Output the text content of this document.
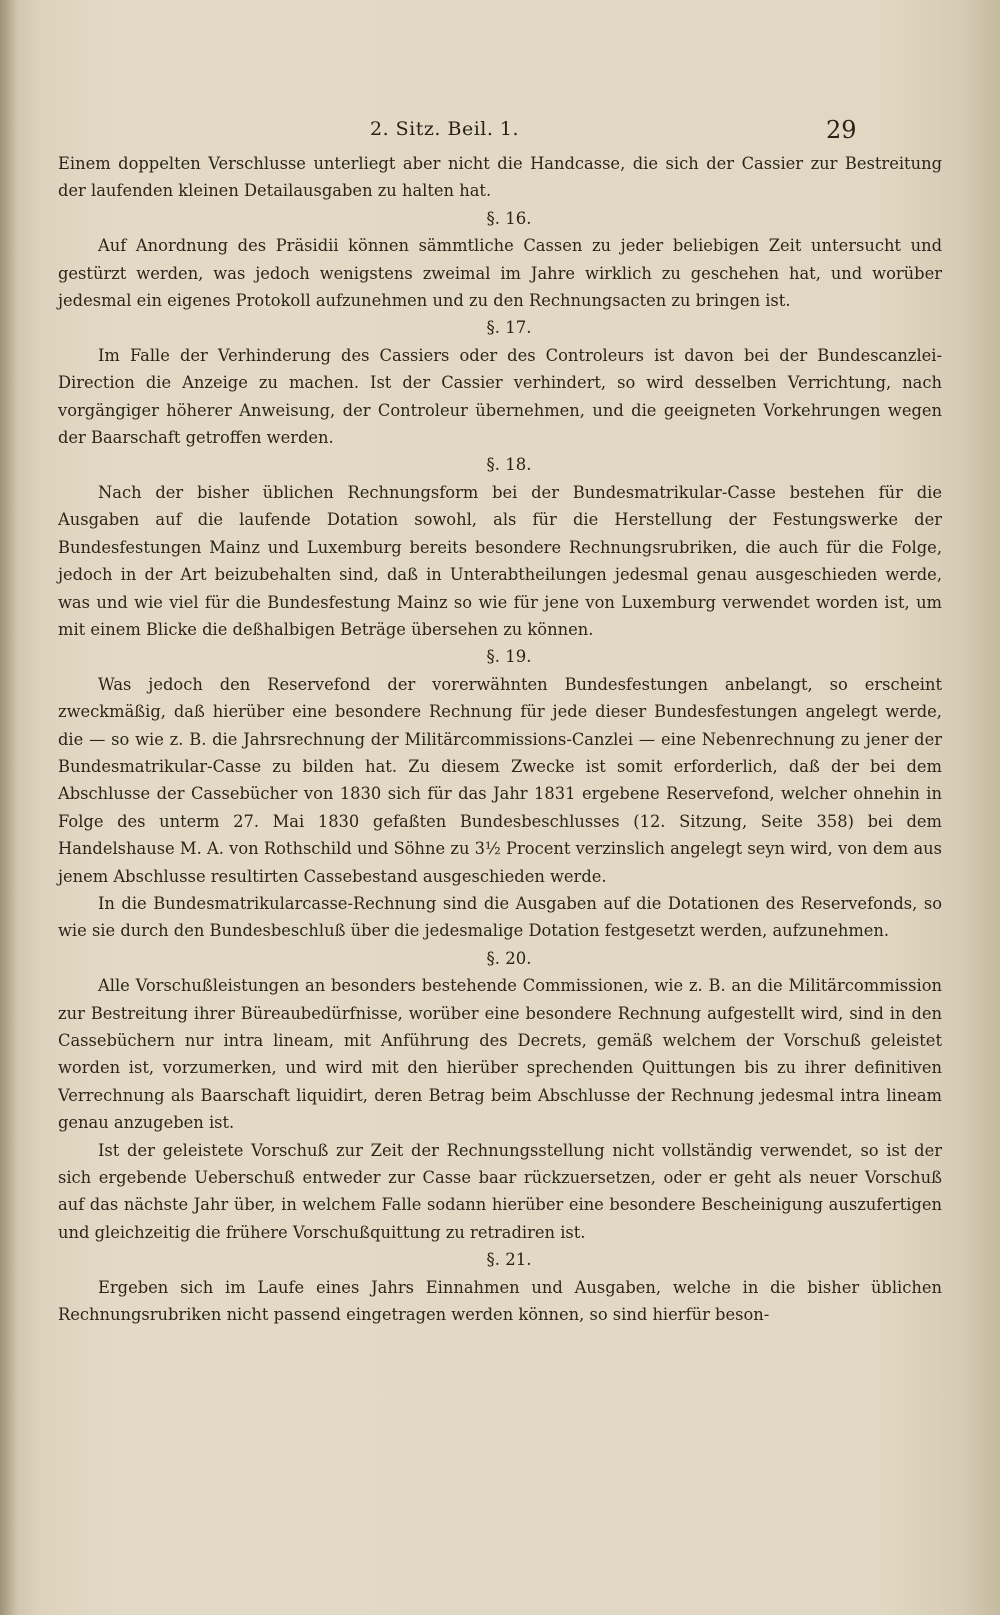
2. Sitz. Beil. 1.	29

Einem doppelten Verschlusse unterliegt aber nicht die Handcasse, die sich der Cassier zur Bestreitung der laufenden kleinen Detailausgaben zu halten hat.

§. 16.

Auf Anordnung des Präsidii können sämmtliche Cassen zu jeder beliebigen Zeit untersucht und gestürzt werden, was jedoch wenigstens zweimal im Jahre wirklich zu geschehen hat, und worüber jedesmal ein eigenes Protokoll aufzunehmen und zu den Rechnungsacten zu bringen ist.

§. 17.

Im Falle der Verhinderung des Cassiers oder des Controleurs ist davon bei der Bundescanzlei-Direction die Anzeige zu machen. Ist der Cassier verhindert, so wird desselben Verrichtung, nach vorgängiger höherer Anweisung, der Controleur übernehmen, und die geeigneten Vorkehrungen wegen der Baarschaft getroffen werden.

§. 18.

Nach der bisher üblichen Rechnungsform bei der Bundesmatrikular-Casse bestehen für die Ausgaben auf die laufende Dotation sowohl, als für die Herstellung der Festungswerke der Bundesfestungen Mainz und Luxemburg bereits besondere Rechnungsrubriken, die auch für die Folge, jedoch in der Art beizubehalten sind, daß in Unterabtheilungen jedesmal genau ausgeschieden werde, was und wie viel für die Bundesfestung Mainz so wie für jene von Luxemburg verwendet worden ist, um mit einem Blicke die deßhalbigen Beträge übersehen zu können.

§. 19.

Was jedoch den Reservefond der vorerwähnten Bundesfestungen anbelangt, so erscheint zweckmäßig, daß hierüber eine besondere Rechnung für jede dieser Bundesfestungen angelegt werde, die — so wie z. B. die Jahrsrechnung der Militärcommissions-Canzlei — eine Nebenrechnung zu jener der Bundesmatrikular-Casse zu bilden hat. Zu diesem Zwecke ist somit erforderlich, daß der bei dem Abschlusse der Cassebücher von 1830 sich für das Jahr 1831 ergebene Reservefond, welcher ohnehin in Folge des unterm 27. Mai 1830 gefaßten Bundesbeschlusses (12. Sitzung, Seite 358) bei dem Handelshause M. A. von Rothschild und Söhne zu 3½ Procent verzinslich angelegt seyn wird, von dem aus jenem Abschlusse resultirten Cassebestand ausgeschieden werde.

In die Bundesmatrikularcasse-Rechnung sind die Ausgaben auf die Dotationen des Reservefonds, so wie sie durch den Bundesbeschluß über die jedesmalige Dotation festgesetzt werden, aufzunehmen.

§. 20.

Alle Vorschußleistungen an besonders bestehende Commissionen, wie z. B. an die Militärcommission zur Bestreitung ihrer Büreaubedürfnisse, worüber eine besondere Rechnung aufgestellt wird, sind in den Cassebüchern nur intra lineam, mit Anführung des Decrets, gemäß welchem der Vorschuß geleistet worden ist, vorzumerken, und wird mit den hierüber sprechenden Quittungen bis zu ihrer definitiven Verrechnung als Baarschaft liquidirt, deren Betrag beim Abschlusse der Rechnung jedesmal intra lineam genau anzugeben ist.

Ist der geleistete Vorschuß zur Zeit der Rechnungsstellung nicht vollständig verwendet, so ist der sich ergebende Ueberschuß entweder zur Casse baar rückzuersetzen, oder er geht als neuer Vorschuß auf das nächste Jahr über, in welchem Falle sodann hierüber eine besondere Bescheinigung auszufertigen und gleichzeitig die frühere Vorschußquittung zu retradiren ist.

§. 21.

Ergeben sich im Laufe eines Jahrs Einnahmen und Ausgaben, welche in die bisher üblichen Rechnungsrubriken nicht passend eingetragen werden können, so sind hierfür beson-
